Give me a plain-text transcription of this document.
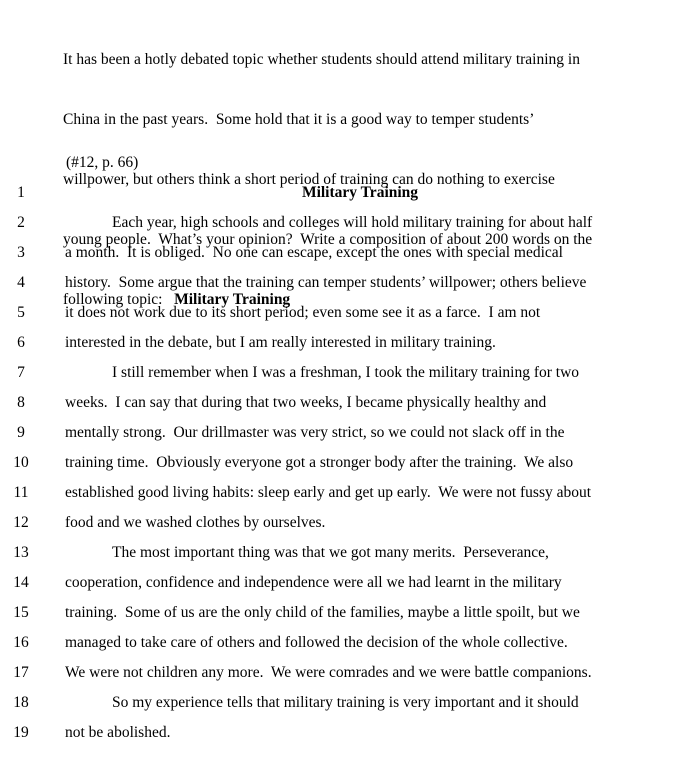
It has been a hotly debated topic whether students should attend military training in

China in the past years.  Some hold that it is a good way to temper students’

willpower, but others think a short period of training can do nothing to exercise

young people.  What’s your opinion?  Write a composition of about 200 words on the

following topic:   Military Training

(#12, p. 66)
1	Military Training
2	Each year, high schools and colleges will hold military training for about half
3	a month.  It is obliged.  No one can escape, except the ones with special medical
4	history.  Some argue that the training can temper students’ willpower; others believe
5	it does not work due to its short period; even some see it as a farce.  I am not
6	interested in the debate, but I am really interested in military training.
7	I still remember when I was a freshman, I took the military training for two
8	weeks.  I can say that during that two weeks, I became physically healthy and
9	mentally strong.  Our drillmaster was very strict, so we could not slack off in the
10	training time.  Obviously everyone got a stronger body after the training.  We also
11	established good living habits: sleep early and get up early.  We were not fussy about
12	food and we washed clothes by ourselves.
13	The most important thing was that we got many merits.  Perseverance,
14	cooperation, confidence and independence were all we had learnt in the military
15	training.  Some of us are the only child of the families, maybe a little spoilt, but we
16	managed to take care of others and followed the decision of the whole collective.
17	We were not children any more.  We were comrades and we were battle companions.
18	So my experience tells that military training is very important and it should
19	not be abolished.
